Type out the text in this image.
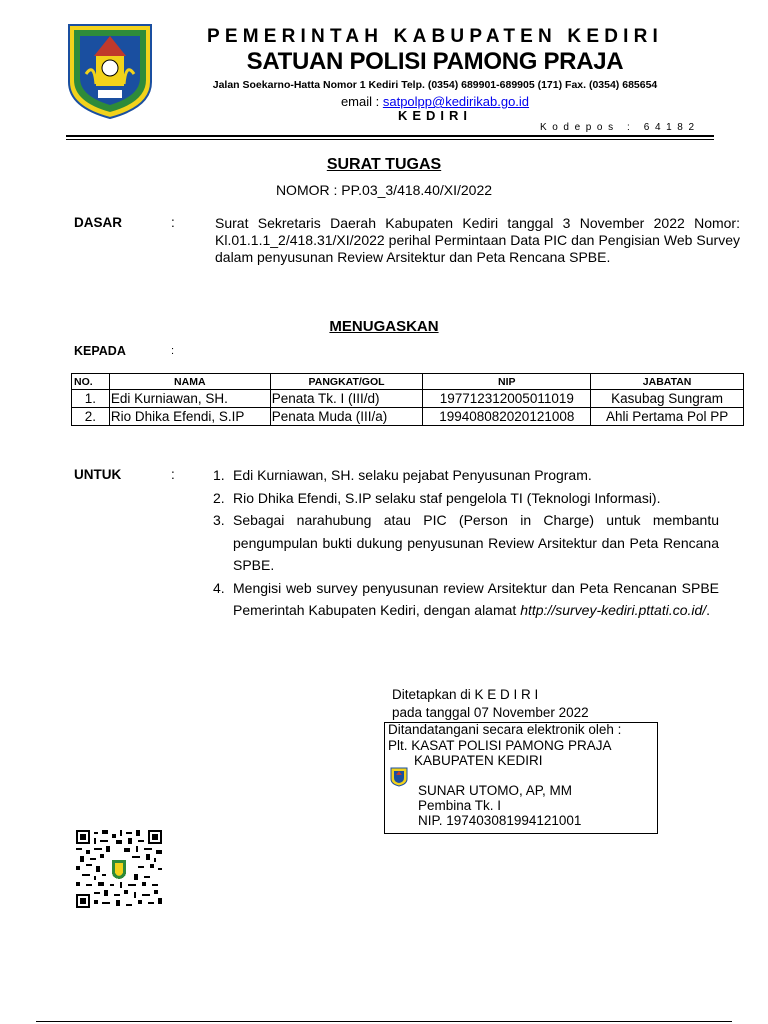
PEMERINTAH KABUPATEN KEDIRI
SATUAN POLISI PAMONG PRAJA
Jalan Soekarno-Hatta Nomor 1 Kediri Telp. (0354) 689901-689905 (171) Fax. (0354) 685654
email : satpolpp@kedirikab.go.id
KEDIRI
Kodepos : 64182
SURAT TUGAS
NOMOR : PP.03_3/418.40/XI/2022
DASAR	:	Surat Sekretaris Daerah Kabupaten Kediri tanggal 3 November 2022 Nomor: Kl.01.1.1_2/418.31/XI/2022 perihal Permintaan Data PIC dan Pengisian Web Survey dalam penyusunan Review Arsitektur dan Peta Rencana SPBE.
MENUGASKAN
KEPADA	:
NO.	NAMA	PANGKAT/GOL	NIP	JABATAN
1.	Edi Kurniawan, SH.	Penata Tk. I (III/d)	197712312005011019	Kasubag Sungram
2.	Rio Dhika Efendi, S.IP	Penata Muda (III/a)	199408082020121008	Ahli Pertama Pol PP
UNTUK	:	1. Edi Kurniawan, SH. selaku pejabat Penyusunan Program.
2. Rio Dhika Efendi, S.IP selaku staf pengelola TI (Teknologi Informasi).
3. Sebagai narahubung atau PIC (Person in Charge) untuk membantu pengumpulan bukti dukung penyusunan Review Arsitektur dan Peta Rencana SPBE.
4. Mengisi web survey penyusunan review Arsitektur dan Peta Rencanan SPBE Pemerintah Kabupaten Kediri, dengan alamat http://survey-kediri.pttati.co.id/.
Ditetapkan di K E D I R I
pada tanggal 07 November 2022
Ditandatangani secara elektronik oleh :
Plt. KASAT POLISI PAMONG PRAJA
KABUPATEN KEDIRI
SUNAR UTOMO, AP, MM
Pembina Tk. I
NIP. 197403081994121001
